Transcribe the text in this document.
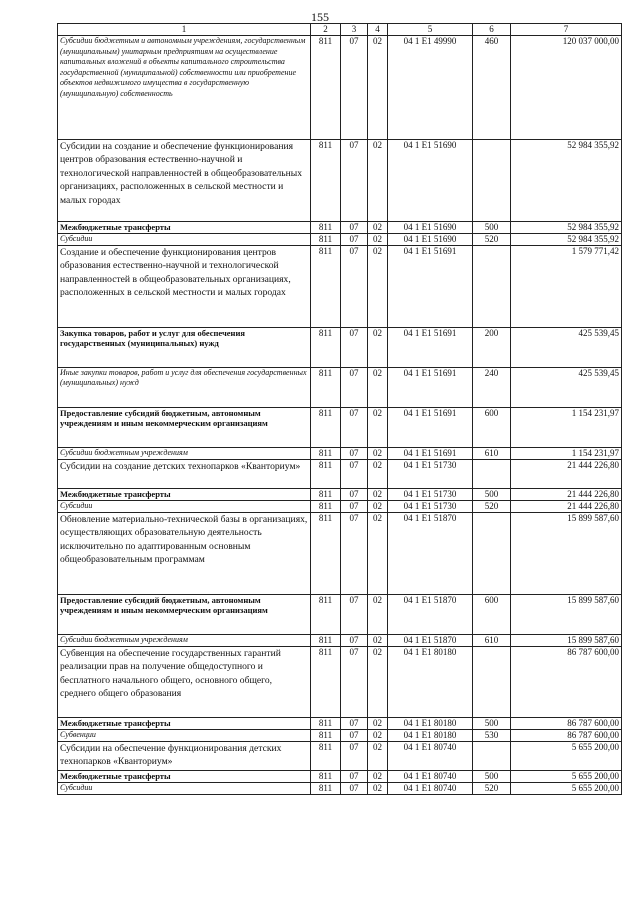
155
1	2	3	4	5	6	7
Субсидии бюджетным и автономным учреждениям, государственным (муниципальным) унитарным предприятиям на осуществление капитальных вложений в объекты капитального строительства государственной (муниципальной) собственности или приобретение объектов недвижимого имущества в государственную (муниципальную) собственность	811	07	02	04 1 E1 49990	460	120 037 000,00
Субсидии на создание и обеспечение функционирования центров образования естественно-научной и технологической направленностей в общеобразовательных организациях, расположенных в сельской местности и малых городах	811	07	02	04 1 E1 51690		52 984 355,92
Межбюджетные трансферты	811	07	02	04 1 E1 51690	500	52 984 355,92
Субсидии	811	07	02	04 1 E1 51690	520	52 984 355,92
Создание и обеспечение функционирования центров образования естественно-научной и технологической направленностей в общеобразовательных организациях, расположенных в сельской местности и малых городах	811	07	02	04 1 E1 51691		1 579 771,42
Закупка товаров, работ и услуг для обеспечения государственных (муниципальных) нужд	811	07	02	04 1 E1 51691	200	425 539,45
Иные закупки товаров, работ и услуг для обеспечения государственных (муниципальных) нужд	811	07	02	04 1 E1 51691	240	425 539,45
Предоставление субсидий бюджетным, автономным учреждениям и иным некоммерческим организациям	811	07	02	04 1 E1 51691	600	1 154 231,97
Субсидии бюджетным учреждениям	811	07	02	04 1 E1 51691	610	1 154 231,97
Субсидии на создание детских технопарков «Кванториум»	811	07	02	04 1 E1 51730		21 444 226,80
Межбюджетные трансферты	811	07	02	04 1 E1 51730	500	21 444 226,80
Субсидии	811	07	02	04 1 E1 51730	520	21 444 226,80
Обновление материально-технической базы в организациях, осуществляющих образовательную деятельность исключительно по адаптированным основным общеобразовательным программам	811	07	02	04 1 E1 51870		15 899 587,60
Предоставление субсидий бюджетным, автономным учреждениям и иным некоммерческим организациям	811	07	02	04 1 E1 51870	600	15 899 587,60
Субсидии бюджетным учреждениям	811	07	02	04 1 E1 51870	610	15 899 587,60
Субвенция на обеспечение государственных гарантий реализации прав на получение общедоступного и бесплатного начального общего, основного общего, среднего общего образования	811	07	02	04 1 E1 80180		86 787 600,00
Межбюджетные трансферты	811	07	02	04 1 E1 80180	500	86 787 600,00
Субвенции	811	07	02	04 1 E1 80180	530	86 787 600,00
Субсидии на обеспечение функционирования детских технопарков «Кванториум»	811	07	02	04 1 E1 80740		5 655 200,00
Межбюджетные трансферты	811	07	02	04 1 E1 80740	500	5 655 200,00
Субсидии	811	07	02	04 1 E1 80740	520	5 655 200,00
